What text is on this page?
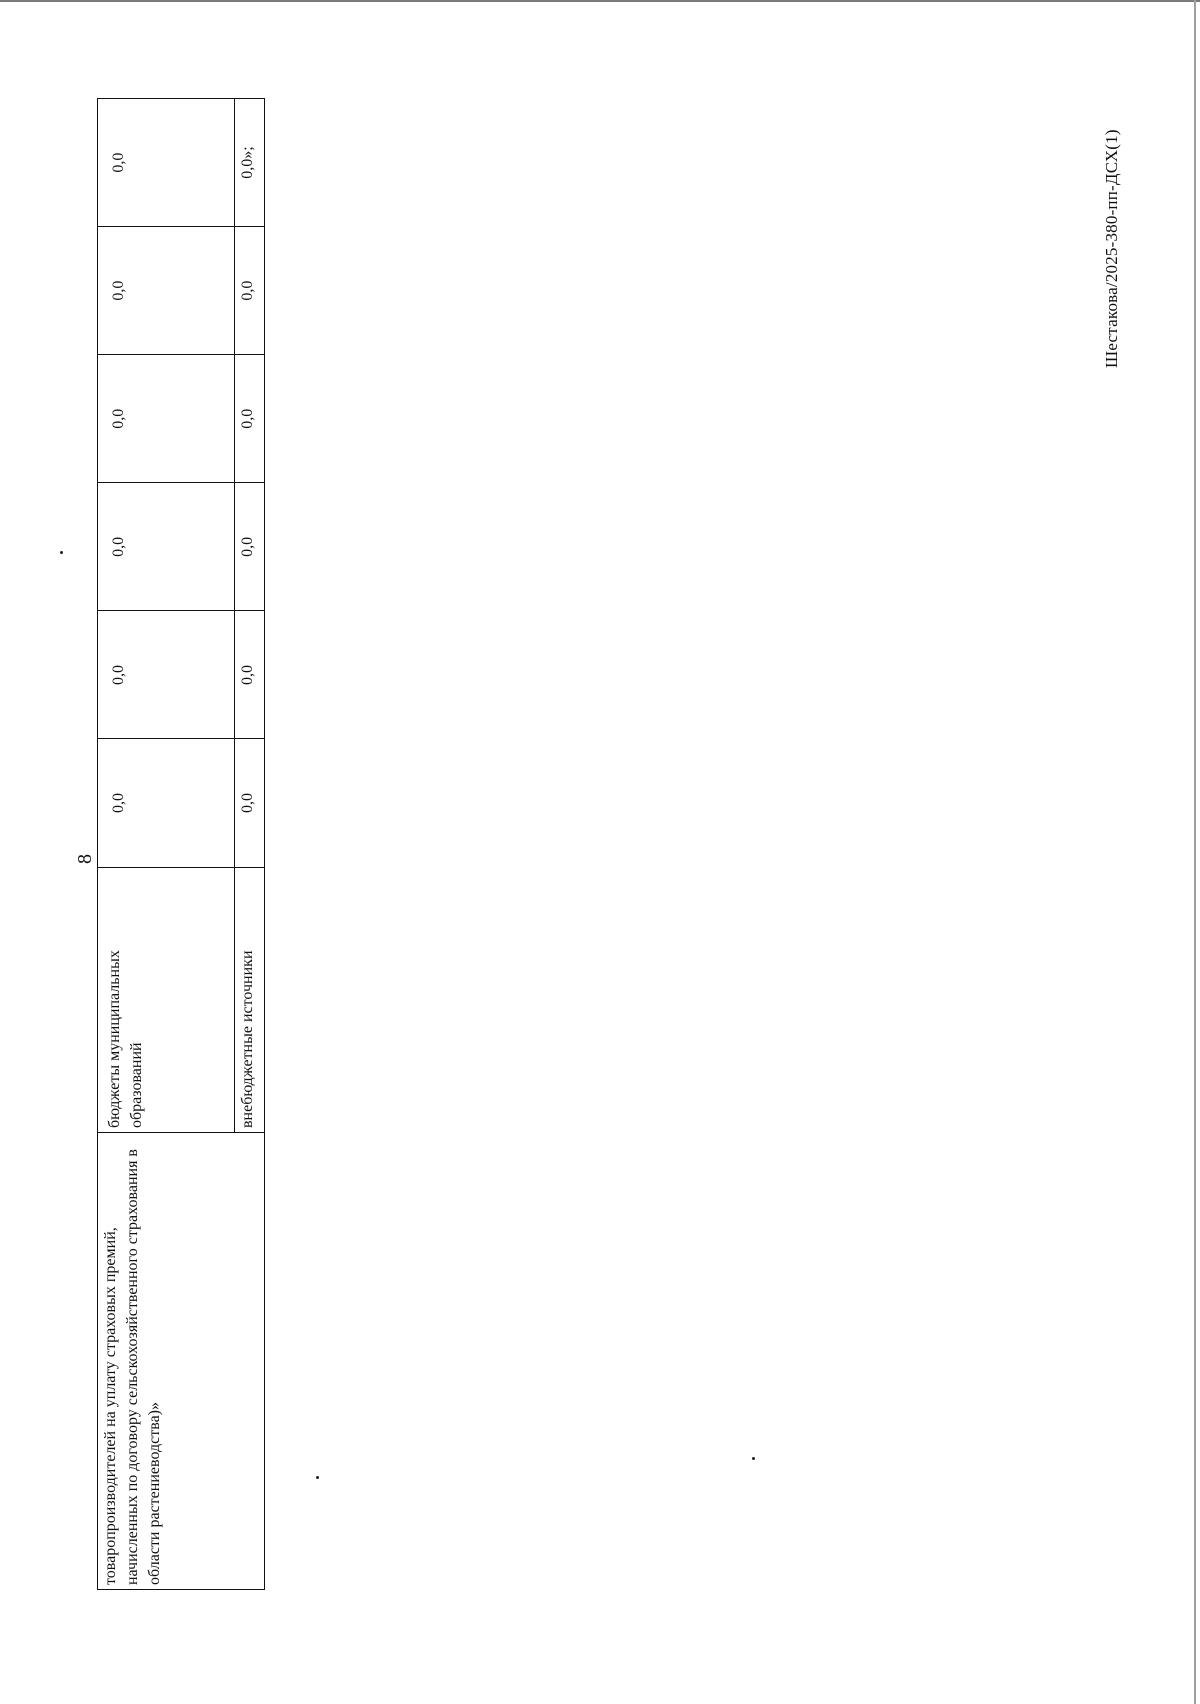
8
товаропроизводителей на уплату страховых премий, начисленных по договору сельскохозяйственного страхования в области растениеводства)»	бюджеты муниципальных образований	0,0	0,0	0,0	0,0	0,0	0,0
	внебюджетные источники	0,0	0,0	0,0	0,0	0,0	0,0»;	Шестакова/2025-380-пп-ДСХ(1)
